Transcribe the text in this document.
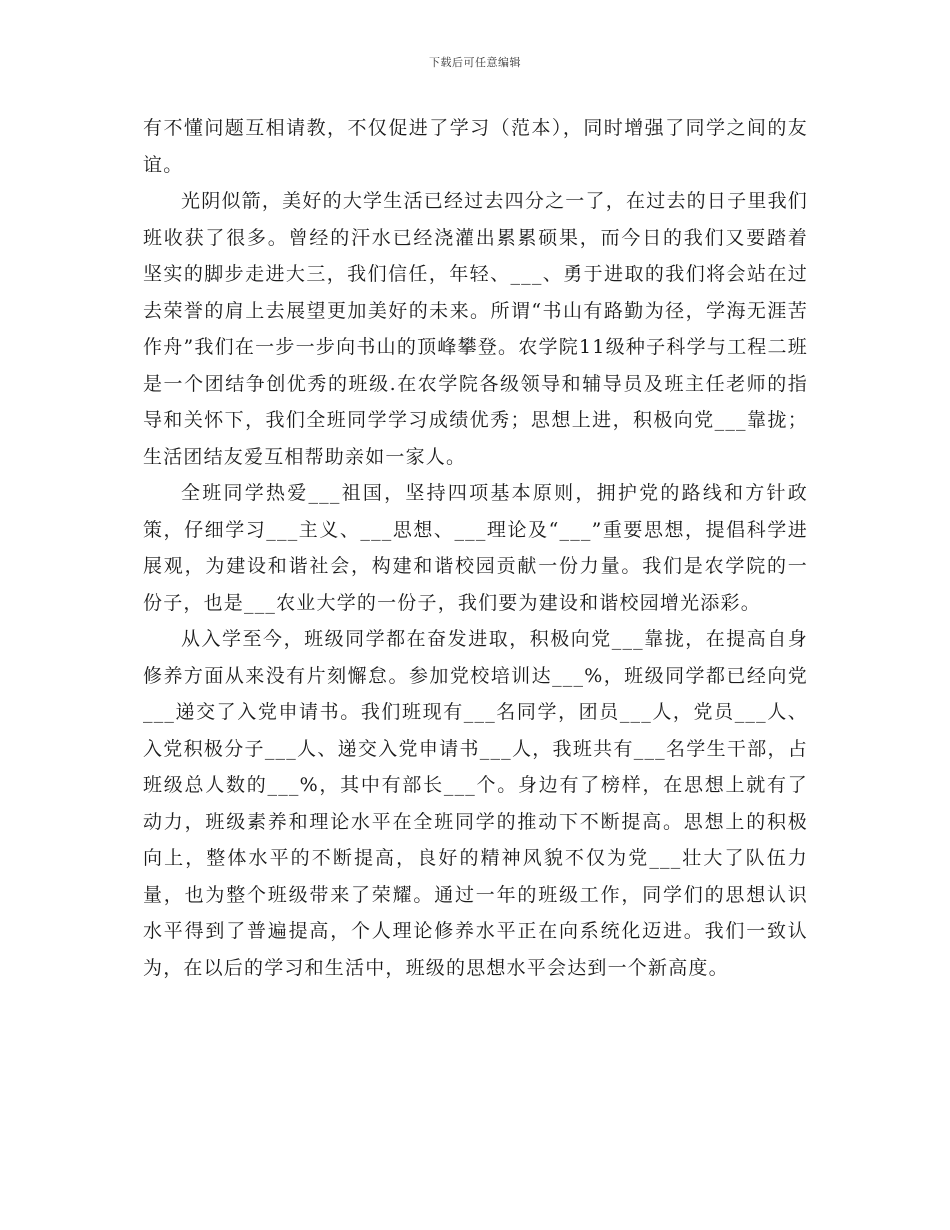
下载后可任意编辑

有不懂问题互相请教，不仅促进了学习（范本），同时增强了同学之间的友谊。

光阴似箭，美好的大学生活已经过去四分之一了，在过去的日子里我们班收获了很多。曾经的汗水已经浇灌出累累硕果，而今日的我们又要踏着坚实的脚步走进大三，我们信任，年轻、___、勇于进取的我们将会站在过去荣誉的肩上去展望更加美好的未来。所谓“书山有路勤为径，学海无涯苦作舟”我们在一步一步向书山的顶峰攀登。农学院11级种子科学与工程二班是一个团结争创优秀的班级.在农学院各级领导和辅导员及班主任老师的指导和关怀下，我们全班同学学习成绩优秀；思想上进，积极向党___靠拢；生活团结友爱互相帮助亲如一家人。

全班同学热爱___祖国，坚持四项基本原则，拥护党的路线和方针政策，仔细学习___主义、___思想、___理论及“___”重要思想，提倡科学进展观，为建设和谐社会，构建和谐校园贡献一份力量。我们是农学院的一份子，也是___农业大学的一份子，我们要为建设和谐校园增光添彩。

从入学至今，班级同学都在奋发进取，积极向党___靠拢，在提高自身修养方面从来没有片刻懈怠。参加党校培训达___%，班级同学都已经向党___递交了入党申请书。我们班现有___名同学，团员___人，党员___人、入党积极分子___人、递交入党申请书___人，我班共有___名学生干部，占班级总人数的___%，其中有部长___个。身边有了榜样，在思想上就有了动力，班级素养和理论水平在全班同学的推动下不断提高。思想上的积极向上，整体水平的不断提高，良好的精神风貌不仅为党___壮大了队伍力量，也为整个班级带来了荣耀。通过一年的班级工作，同学们的思想认识水平得到了普遍提高，个人理论修养水平正在向系统化迈进。我们一致认为，在以后的学习和生活中，班级的思想水平会达到一个新高度。
